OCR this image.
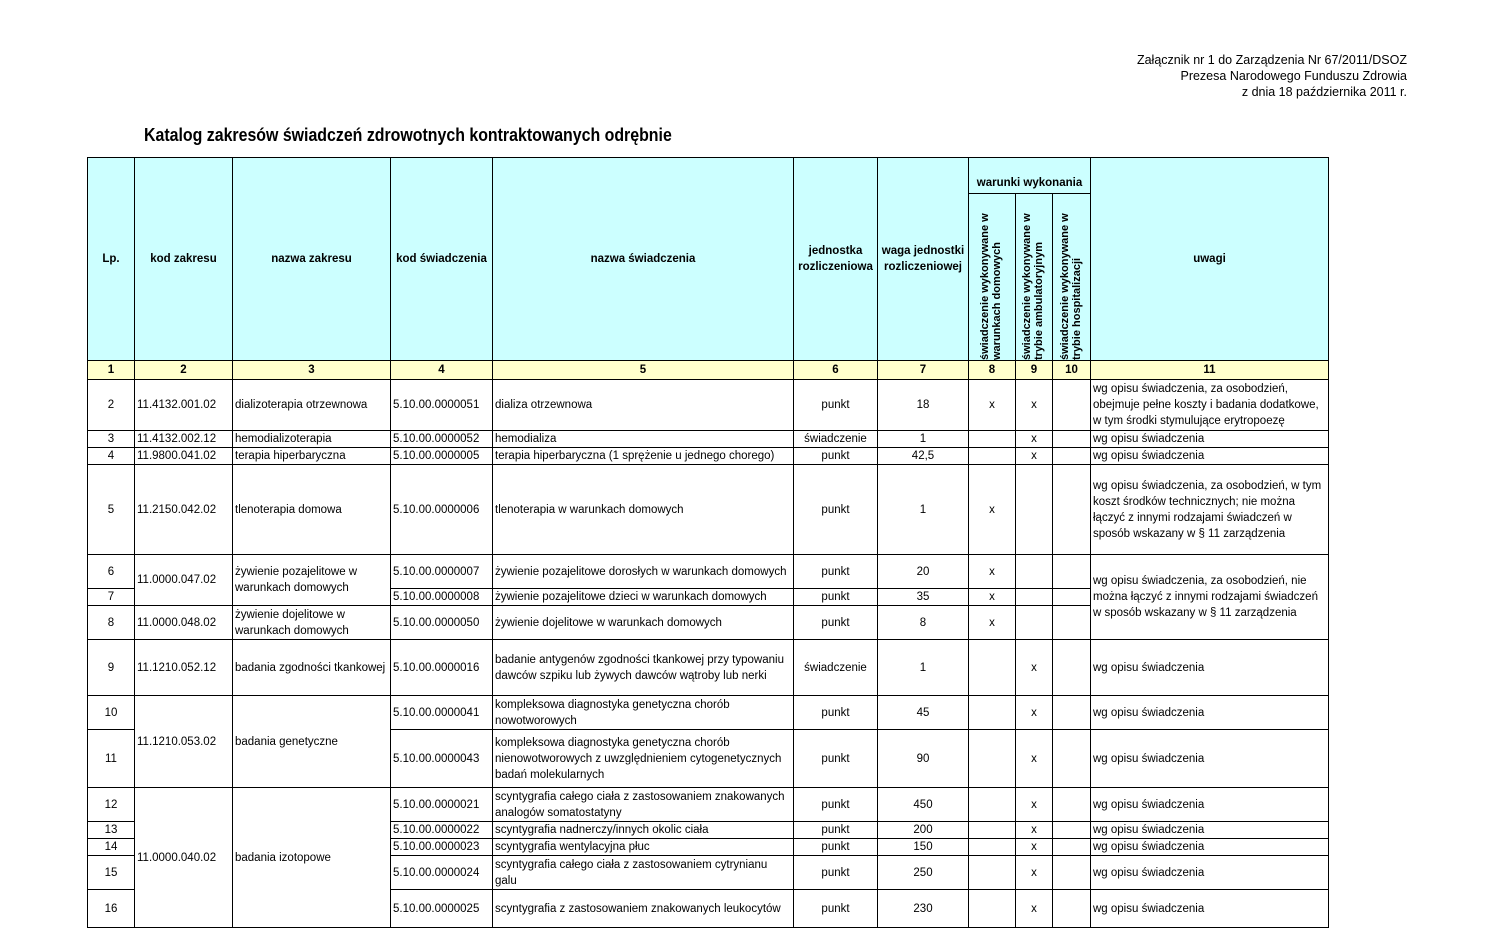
Załącznik nr 1 do Zarządzenia Nr 67/2011/DSOZ
Prezesa Narodowego Funduszu Zdrowia
z dnia 18 października 2011 r.
Katalog zakresów świadczeń zdrowotnych kontraktowanych odrębnie
Lp.	kod zakresu	nazwa zakresu	kod świadczenia	nazwa świadczenia	jednostka rozliczeniowa	waga jednostki rozliczeniowej	warunki wykonania			uwagi

							świadczenie wykonywane w warunkach domowych	świadczenie wykonywane w trybie ambulatoryjnym	świadczenie wykonywane w trybie hospitalizacji	

1	2	3	4	5	6	7	8	9	10	11
2	11.4132.001.02	dializoterapia otrzewnowa	5.10.00.0000051	dializa otrzewnowa	punkt	18	x	x		wg opisu świadczenia, za osobodzień, obejmuje pełne koszty i badania dodatkowe, w tym środki stymulujące erytropoezę
3	11.4132.002.12	hemodializoterapia	5.10.00.0000052	hemodializa	świadczenie	1		x		wg opisu świadczenia
4	11.9800.041.02	terapia hiperbaryczna	5.10.00.0000005	terapia hiperbaryczna (1 sprężenie u jednego chorego)	punkt	42,5		x		wg opisu świadczenia
5	11.2150.042.02	tlenoterapia domowa	5.10.00.0000006	tlenoterapia w warunkach domowych	punkt	1	x			wg opisu świadczenia, za osobodzień, w tym koszt środków technicznych; nie można łączyć z innymi rodzajami świadczeń w sposób wskazany w § 11 zarządzenia
6	11.0000.047.02	żywienie pozajelitowe w warunkach domowych	5.10.00.0000007	żywienie pozajelitowe dorosłych w warunkach domowych	punkt	20	x			wg opisu świadczenia, za osobodzień, nie można łączyć z innymi rodzajami świadczeń w sposób wskazany w § 11 zarządzenia
7			5.10.00.0000008	żywienie pozajelitowe dzieci w warunkach domowych	punkt	35	x			
8	11.0000.048.02	żywienie dojelitowe w warunkach domowych	5.10.00.0000050	żywienie dojelitowe w warunkach domowych	punkt	8	x			
9	11.1210.052.12	badania zgodności tkankowej	5.10.00.0000016	badanie antygenów zgodności tkankowej przy typowaniu dawców szpiku lub żywych dawców wątroby lub nerki	świadczenie	1		x		wg opisu świadczenia
10	11.1210.053.02	badania genetyczne	5.10.00.0000041	kompleksowa diagnostyka genetyczna chorób nowotworowych	punkt	45		x		wg opisu świadczenia
11			5.10.00.0000043	kompleksowa diagnostyka genetyczna chorób nienowotworowych z uwzględnieniem cytogenetycznych badań molekularnych	punkt	90		x		wg opisu świadczenia
12	11.0000.040.02	badania izotopowe	5.10.00.0000021	scyntygrafia całego ciała z zastosowaniem znakowanych analogów somatostatyny	punkt	450		x		wg opisu świadczenia
13			5.10.00.0000022	scyntygrafia nadnerczy/innych okolic ciała	punkt	200		x		wg opisu świadczenia
14			5.10.00.0000023	scyntygrafia wentylacyjna płuc	punkt	150		x		wg opisu świadczenia
15			5.10.00.0000024	scyntygrafia całego ciała z zastosowaniem cytrynianu galu	punkt	250		x		wg opisu świadczenia
16			5.10.00.0000025	scyntygrafia z zastosowaniem znakowanych leukocytów	punkt	230		x		wg opisu świadczenia
